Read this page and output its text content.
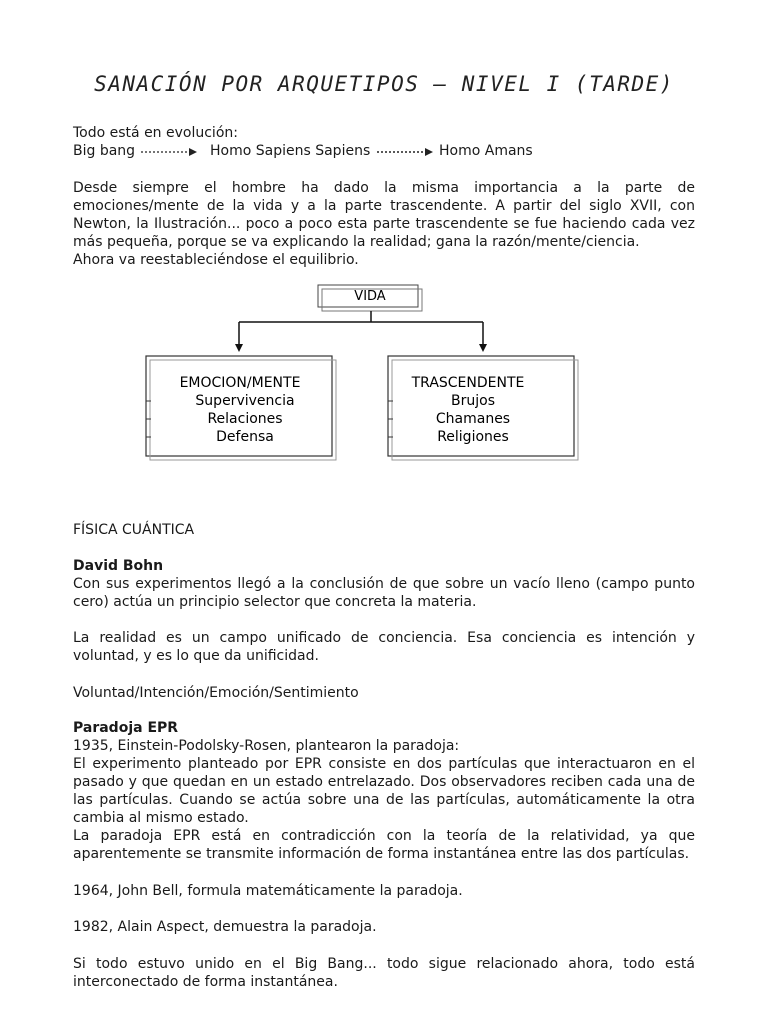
SANACIÓN POR ARQUETIPOS – NIVEL I (TARDE)

Todo está en evolución:

Big bang	Homo Sapiens Sapiens	Homo Amans

Desde siempre el hombre ha dado la misma importancia a la parte de emociones/mente de la vida y a la parte trascendente. A partir del siglo XVII, con Newton, la Ilustración... poco a poco esta parte trascendente se fue haciendo cada vez más pequeña, porque se va explicando la realidad; gana la razón/mente/ciencia.

Ahora va reestableciéndose el equilibrio.

VIDA
EMOCION/MENTE
Supervivencia
Relaciones
Defensa
TRASCENDENTE
Brujos
Chamanes
Religiones
FÍSICA CUÁNTICA

David Bohn

Con sus experimentos llegó a la conclusión de que sobre un vacío lleno (campo punto cero) actúa un principio selector que concreta la materia.

La realidad es un campo unificado de conciencia. Esa conciencia es intención y voluntad, y es lo que da unificidad.
Voluntad/Intención/Emoción/Sentimiento

Paradoja EPR

1935, Einstein-Podolsky-Rosen, plantearon la paradoja:

El experimento planteado por EPR consiste en dos partículas que interactuaron en el pasado y que quedan en un estado entrelazado. Dos observadores reciben cada una de las partículas. Cuando se actúa sobre una de las partículas, automáticamente la otra cambia al mismo estado.

La paradoja EPR está en contradicción con la teoría de la relatividad, ya que aparentemente se transmite información de forma instantánea entre las dos partículas.

1964, John Bell, formula matemáticamente la paradoja.
1982, Alain Aspect, demuestra la paradoja.
Si todo estuvo unido en el Big Bang... todo sigue relacionado ahora, todo está interconectado de forma instantánea.
